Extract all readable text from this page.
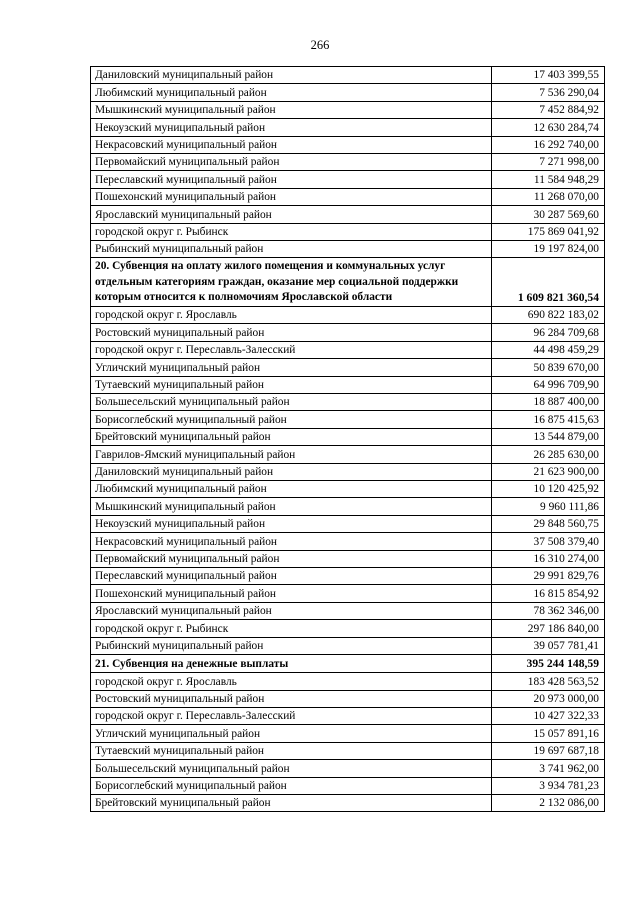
266
Даниловский муниципальный район	17 403 399,55
Любимский муниципальный район	7 536 290,04
Мышкинский муниципальный район	7 452 884,92
Некоузский муниципальный район	12 630 284,74
Некрасовский муниципальный район	16 292 740,00
Первомайский муниципальный район	7 271 998,00
Переславский муниципальный район	11 584 948,29
Пошехонский муниципальный район	11 268 070,00
Ярославский муниципальный район	30 287 569,60
городской округ г. Рыбинск	175 869 041,92
Рыбинский муниципальный район	19 197 824,00
20. Субвенция на оплату жилого помещения и коммунальных услуг отдельным категориям граждан, оказание мер социальной поддержки которым относится к полномочиям Ярославской области	1 609 821 360,54
городской округ г. Ярославль	690 822 183,02
Ростовский муниципальный район	96 284 709,68
городской округ г. Переславль-Залесский	44 498 459,29
Угличский муниципальный район	50 839 670,00
Тутаевский муниципальный район	64 996 709,90
Большесельский муниципальный район	18 887 400,00
Борисоглебский муниципальный район	16 875 415,63
Брейтовский муниципальный район	13 544 879,00
Гаврилов-Ямский муниципальный район	26 285 630,00
Даниловский муниципальный район	21 623 900,00
Любимский муниципальный район	10 120 425,92
Мышкинский муниципальный район	9 960 111,86
Некоузский муниципальный район	29 848 560,75
Некрасовский муниципальный район	37 508 379,40
Первомайский муниципальный район	16 310 274,00
Переславский муниципальный район	29 991 829,76
Пошехонский муниципальный район	16 815 854,92
Ярославский муниципальный район	78 362 346,00
городской округ г. Рыбинск	297 186 840,00
Рыбинский муниципальный район	39 057 781,41
21. Субвенция на денежные выплаты	395 244 148,59
городской округ г. Ярославль	183 428 563,52
Ростовский муниципальный район	20 973 000,00
городской округ г. Переславль-Залесский	10 427 322,33
Угличский муниципальный район	15 057 891,16
Тутаевский муниципальный район	19 697 687,18
Большесельский муниципальный район	3 741 962,00
Борисоглебский муниципальный район	3 934 781,23
Брейтовский муниципальный район	2 132 086,00
